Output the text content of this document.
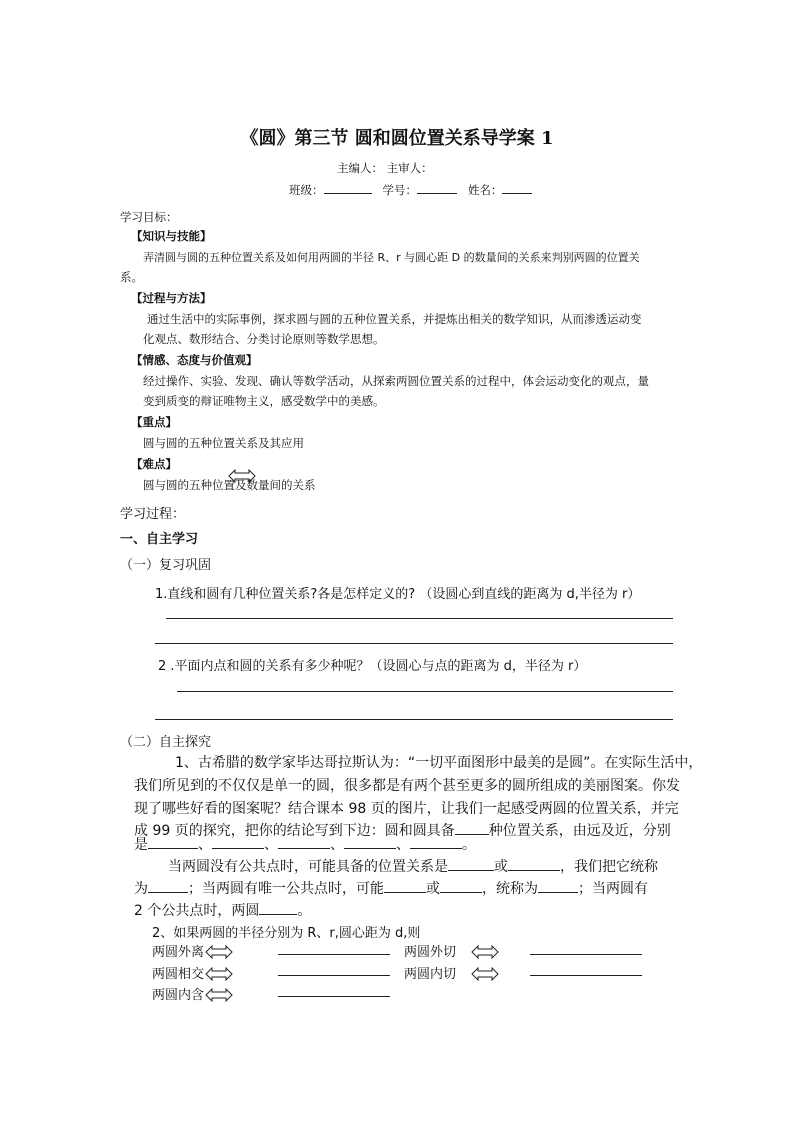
《圆》第三节 圆和圆位置关系导学案 1
主编人： 主审人：
班级：	学号：	姓名：
学习目标：
【知识与技能】
弄清圆与圆的五种位置关系及如何用两圆的半径 R、r 与圆心距 D 的数量间的关系来判别两圆的位置关
系。
【过程与方法】
通过生活中的实际事例，探求圆与圆的五种位置关系，并提炼出相关的数学知识，从而渗透运动变
化观点、数形结合、分类讨论原则等数学思想。
【情感、态度与价值观】
经过操作、实验、发现、确认等数学活动，从探索两圆位置关系的过程中，体会运动变化的观点，量
变到质变的辩证唯物主义，感受数学中的美感。
【重点】
圆与圆的五种位置关系及其应用
【难点】
圆与圆的五种位置及数量间的关系
学习过程：
一、自主学习
（一）复习巩固
1.直线和圆有几种位置关系?各是怎样定义的? （设圆心到直线的距离为 d,半径为 r）
2 .平面内点和圆的关系有多少种呢？（设圆心与点的距离为 d，半径为 r）
（二）自主探究
1、古希腊的数学家毕达哥拉斯认为：“一切平面图形中最美的是圆”。在实际生活中，
我们所见到的不仅仅是单一的圆，很多都是有两个甚至更多的圆所组成的美丽图案。你发
现了哪些好看的图案呢？结合课本 98 页的图片，让我们一起感受两圆的位置关系，并完
成 99 页的探究，把你的结论写到下边：圆和圆具备 种位置关系，由远及近，分别
是	、	、	、	、	。
当两圆没有公共点时，可能具备的位置关系是	或	，我们把它统称
为	；当两圆有唯一公共点时，可能	或	，统称为	；当两圆有
2 个公共点时，两圆	。
2、如果两圆的半径分别为 R、r,圆心距为 d,则
两圆外离	两圆外切
两圆相交	两圆内切
两圆内含
